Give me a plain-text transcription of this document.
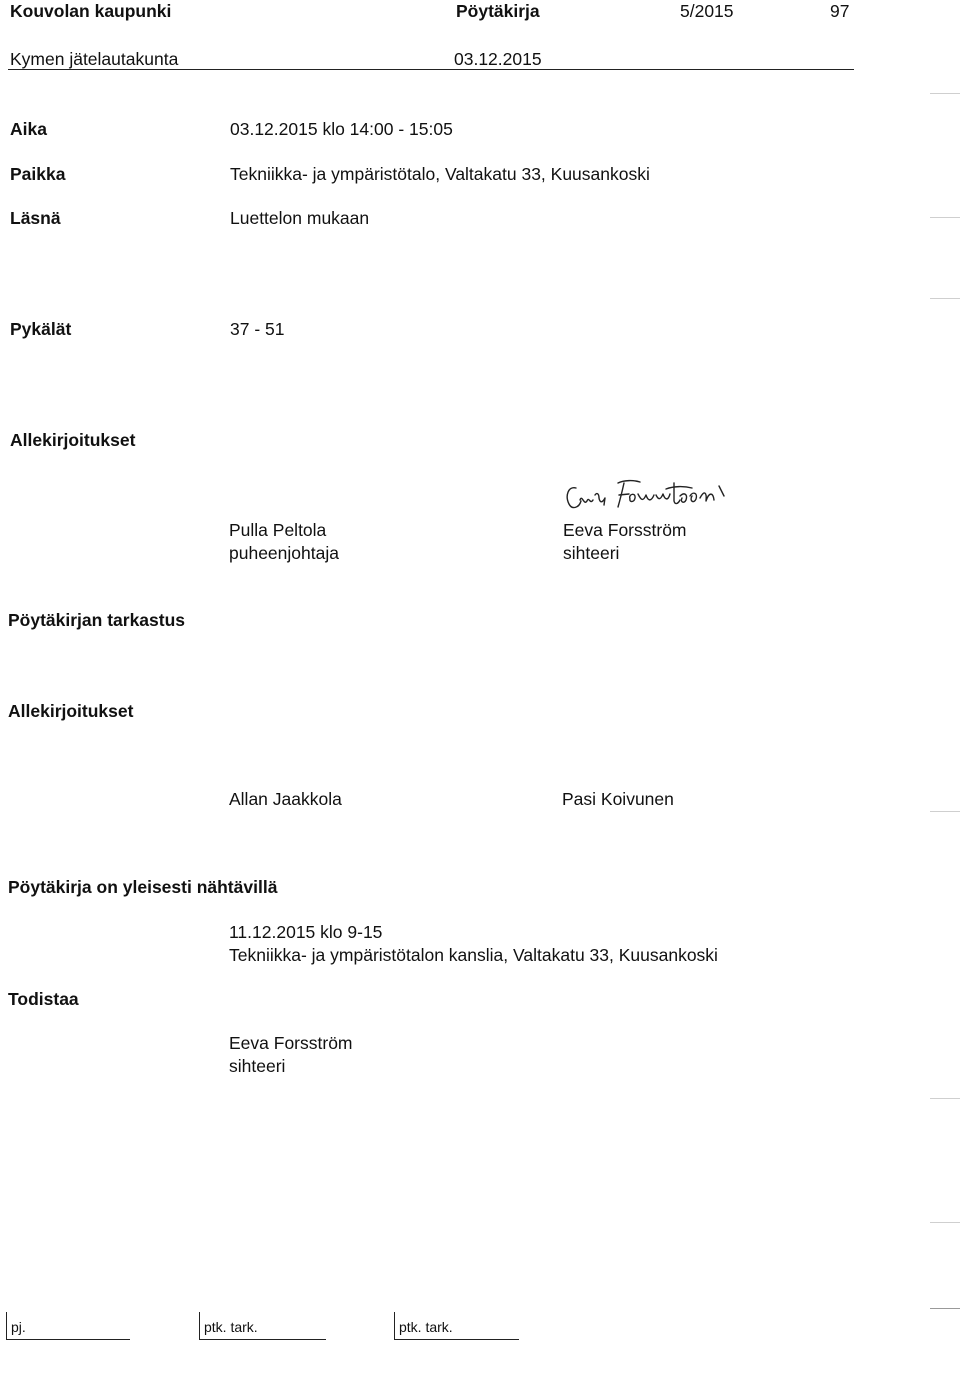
Kouvolan kaupunki	Pöytäkirja	5/2015	97
Kymen jätelautakunta	03.12.2015
Aika	03.12.2015 klo 14:00 - 15:05
Paikka	Tekniikka- ja ympäristötalo, Valtakatu 33, Kuusankoski
Läsnä	Luettelon mukaan
Pykälät	37 - 51
Allekirjoitukset
Pulla Peltola
puheenjohtaja
Eeva Forsström
sihteeri
Pöytäkirjan tarkastus
Allekirjoitukset
Allan Jaakkola	Pasi Koivunen
Pöytäkirja on yleisesti nähtävillä
11.12.2015 klo 9-15
Tekniikka- ja ympäristötalon kanslia, Valtakatu 33, Kuusankoski
Todistaa
Eeva Forsström
sihteeri
pj.	ptk. tark.	ptk. tark.
